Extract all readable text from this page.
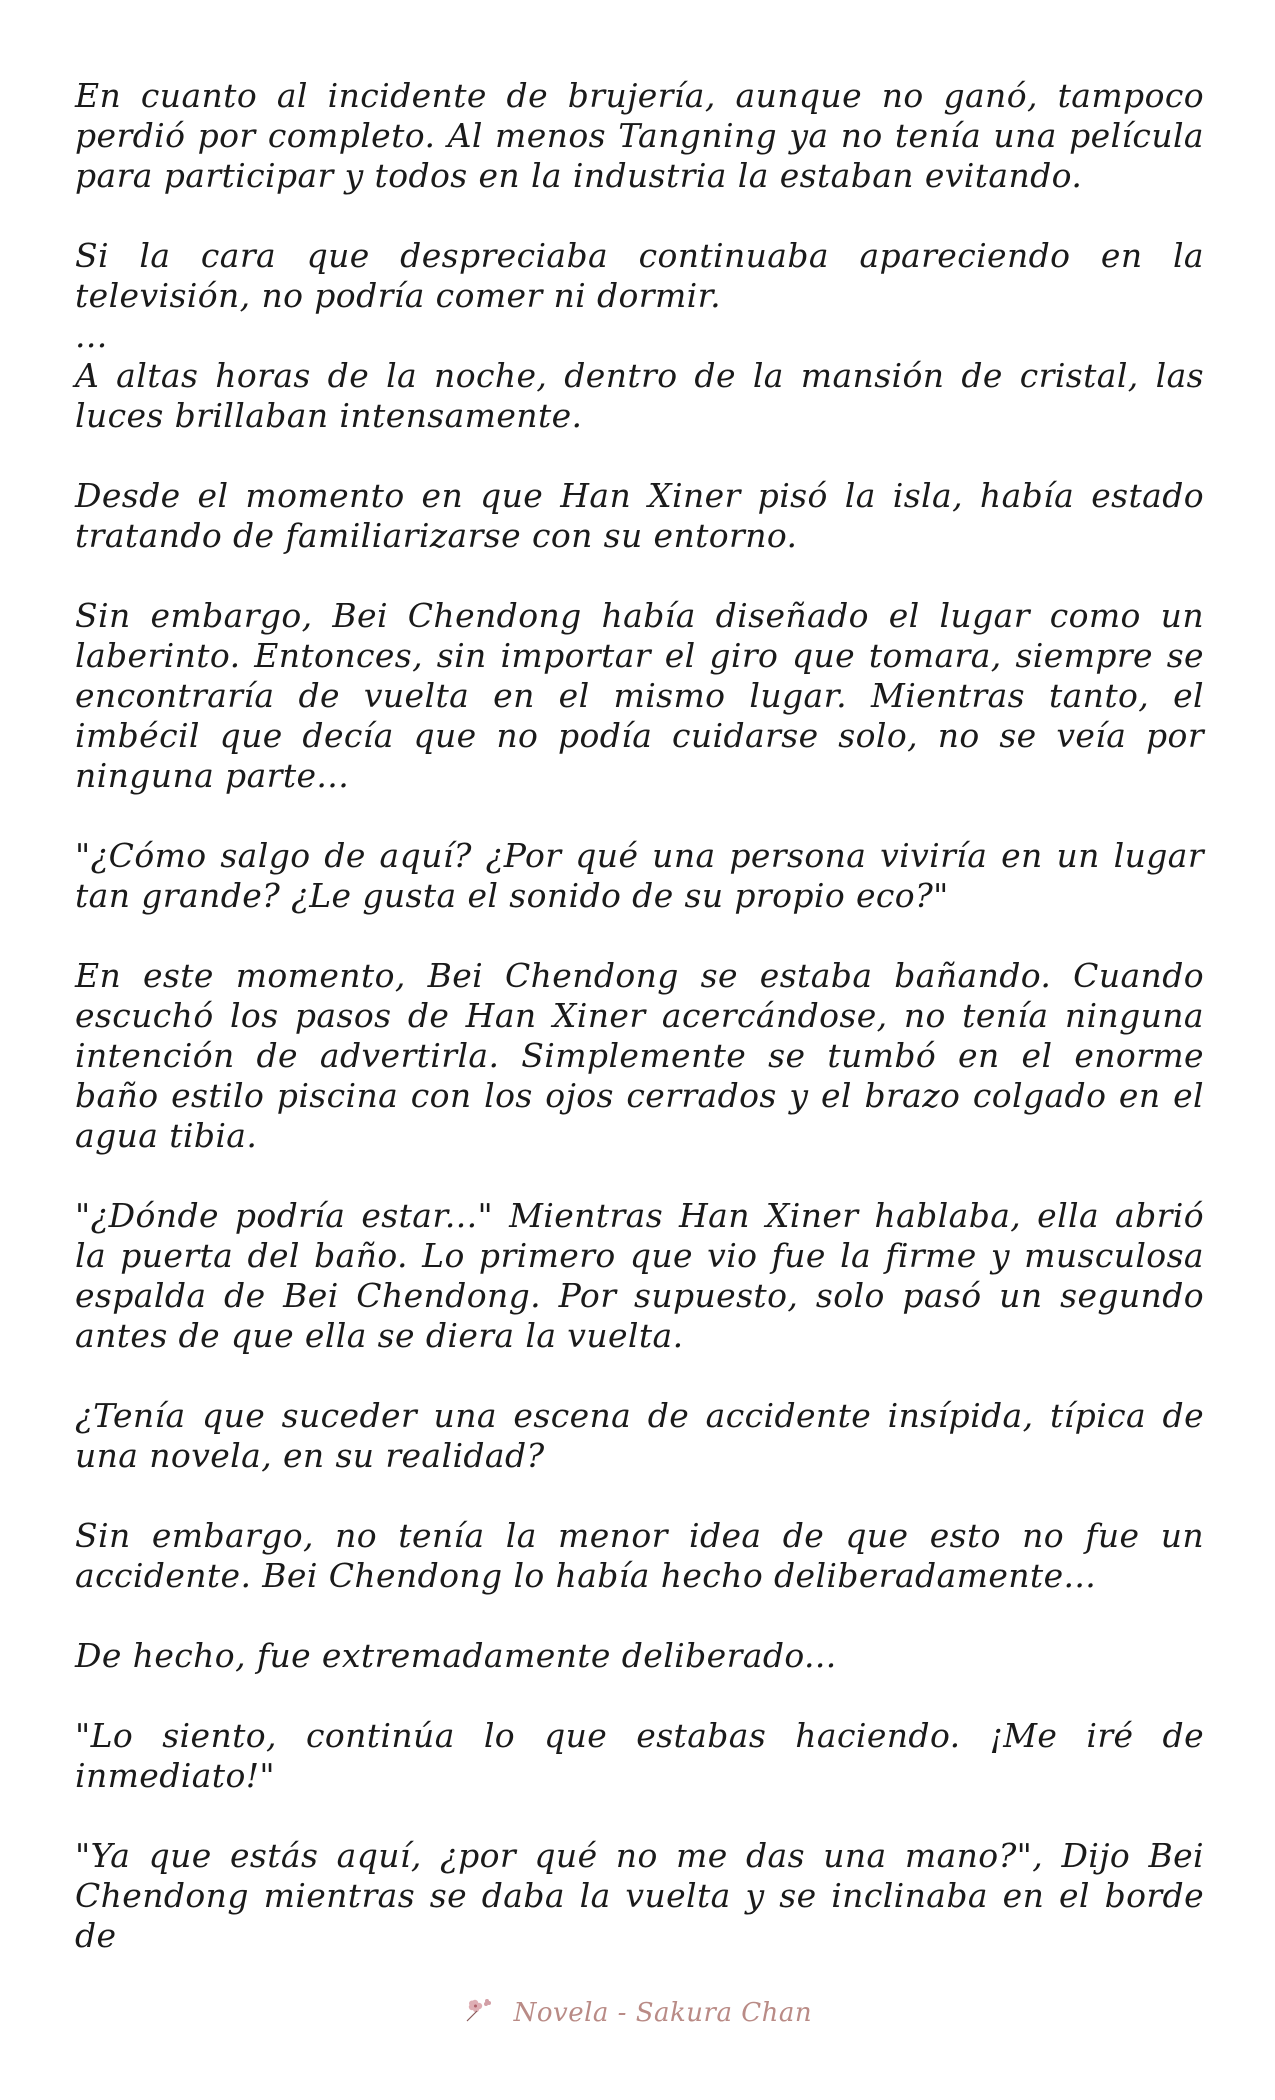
En cuanto al incidente de brujería, aunque no ganó, tampoco perdió por completo. Al menos Tangning ya no tenía una película para participar y todos en la industria la estaban evitando.

Si la cara que despreciaba continuaba apareciendo en la televisión, no podría comer ni dormir.

...

A altas horas de la noche, dentro de la mansión de cristal, las luces brillaban intensamente.

Desde el momento en que Han Xiner pisó la isla, había estado tratando de familiarizarse con su entorno.

Sin embargo, Bei Chendong había diseñado el lugar como un laberinto. Entonces, sin importar el giro que tomara, siempre se encontraría de vuelta en el mismo lugar. Mientras tanto, el imbécil que decía que no podía cuidarse solo, no se veía por ninguna parte...

"¿Cómo salgo de aquí? ¿Por qué una persona viviría en un lugar tan grande? ¿Le gusta el sonido de su propio eco?"

En este momento, Bei Chendong se estaba bañando. Cuando escuchó los pasos de Han Xiner acercándose, no tenía ninguna intención de advertirla. Simplemente se tumbó en el enorme baño estilo piscina con los ojos cerrados y el brazo colgado en el agua tibia.

"¿Dónde podría estar..." Mientras Han Xiner hablaba, ella abrió la puerta del baño. Lo primero que vio fue la firme y musculosa espalda de Bei Chendong. Por supuesto, solo pasó un segundo antes de que ella se diera la vuelta.

¿Tenía que suceder una escena de accidente insípida, típica de una novela, en su realidad?

Sin embargo, no tenía la menor idea de que esto no fue un accidente. Bei Chendong lo había hecho deliberadamente...

De hecho, fue extremadamente deliberado...

"Lo siento, continúa lo que estabas haciendo. ¡Me iré de inmediato!"

"Ya que estás aquí, ¿por qué no me das una mano?", Dijo Bei Chendong mientras se daba la vuelta y se inclinaba en el borde de

Novela - Sakura Chan
